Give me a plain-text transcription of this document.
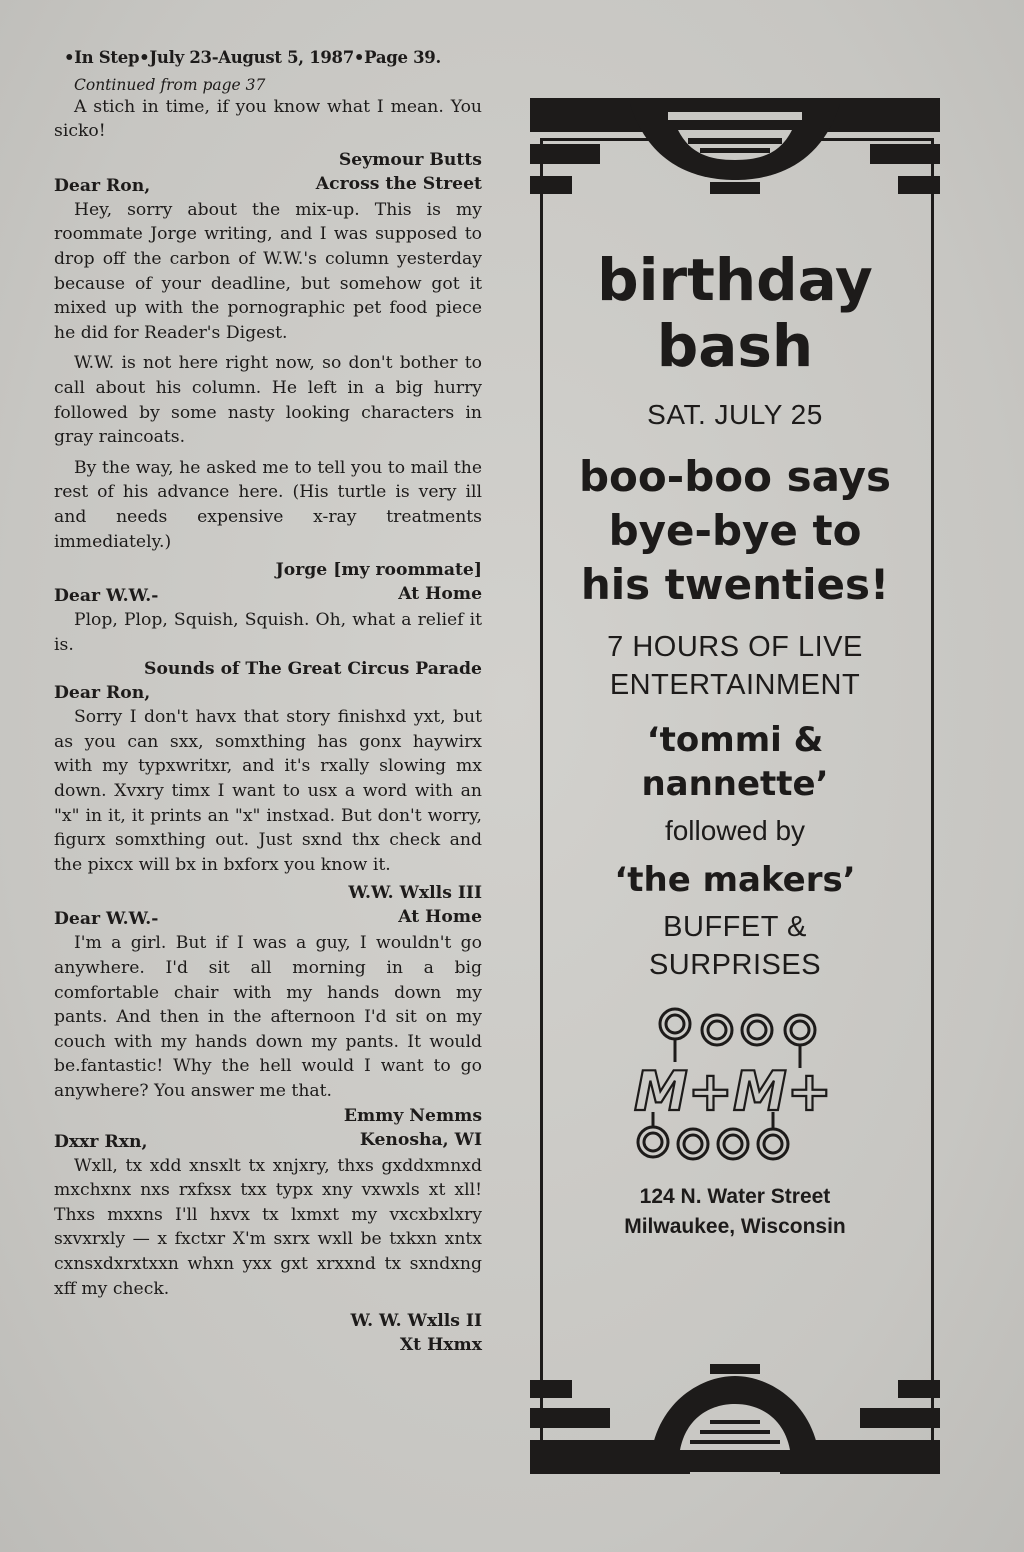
•In Step•July 23-August 5, 1987•Page 39.
Continued from page 37

A stich in time, if you know what I mean. You sicko!

Seymour Butts
Across the Street
Dear Ron,

Hey, sorry about the mix-up. This is my roommate Jorge writing, and I was supposed to drop off the carbon of W.W.'s column yesterday because of your deadline, but somehow got it mixed up with the pornographic pet food piece he did for Reader's Digest.

W.W. is not here right now, so don't bother to call about his column. He left in a big hurry followed by some nasty looking characters in gray raincoats.

By the way, he asked me to tell you to mail the rest of his advance here. (His turtle is very ill and needs expensive x-ray treatments immediately.)

Jorge [my roommate]
At Home
Dear W.W.-

Plop, Plop, Squish, Squish. Oh, what a relief it is.

Sounds of The Great Circus Parade
Dear Ron,

Sorry I don't havx that story finishxd yxt, but as you can sxx, somxthing has gonx haywirx with my typxwritxr, and it's rxally slowing mx down. Xvxry timx I want to usx a word with an "x" in it, it prints an "x" instxad. But don't worry, figurx somxthing out. Just sxnd thx check and the pixcx will bx in bxforx you know it.

W.W. Wxlls III
At Home
Dear W.W.-

I'm a girl. But if I was a guy, I wouldn't go anywhere. I'd sit all morning in a big comfortable chair with my hands down my pants. And then in the afternoon I'd sit on my couch with my hands down my pants. It would be.fantastic! Why the hell would I want to go anywhere? You answer me that.

Emmy Nemms
Kenosha, WI
Dxxr Rxn,

Wxll, tx xdd xnsxlt tx xnjxry, thxs gxddxmnxd mxchxnx nxs rxfxsx txx typx xny vxwxls xt xll! Thxs mxxns I'll hxvx tx lxmxt my vxcxbxlxry sxvxrxly — x fxctxr X'm sxrx wxll be txkxn xntx cxnsxdxrxtxxn whxn yxx gxt xrxxnd tx sxndxng xff my check.

W. W. Wxlls II
Xt Hxmx
birthday
bash
SAT. JULY 25
boo-boo says
bye-bye to
his twenties!
7 HOURS OF LIVE
ENTERTAINMENT
‘tommi &
nannette’
followed by
‘the makers’
BUFFET &
SURPRISES
M+M+
124 N. Water Street
Milwaukee, Wisconsin
